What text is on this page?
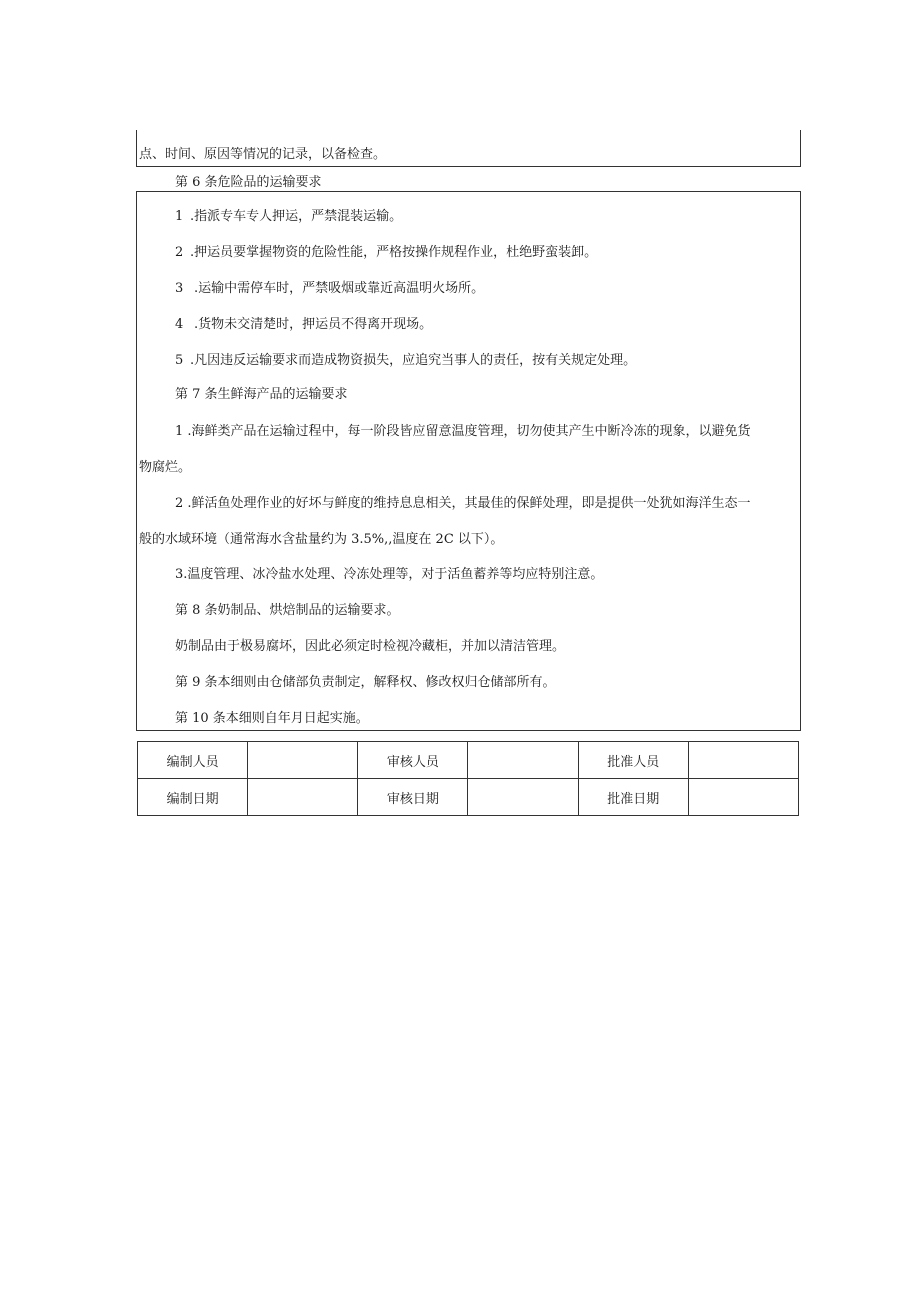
点、时间、原因等情况的记录，以备检查。
第 6 条危险品的运输要求
1 .指派专车专人押运，严禁混装运输。
2 .押运员要掌握物资的危险性能，严格按操作规程作业，杜绝野蛮装卸。
3 .运输中需停车时，严禁吸烟或靠近高温明火场所。
4 .货物未交清楚时，押运员不得离开现场。
5 .凡因违反运输要求而造成物资损失，应追究当事人的责任，按有关规定处理。
第 7 条生鲜海产品的运输要求
1 .海鲜类产品在运输过程中，每一阶段皆应留意温度管理，切勿使其产生中断冷冻的现象，以避免货
物腐烂。
2 .鲜活鱼处理作业的好坏与鲜度的维持息息相关，其最佳的保鲜处理，即是提供一处犹如海洋生态一
般的水域环境（通常海水含盐量约为 3.5%,,温度在 2C 以下）。
3.温度管理、冰冷盐水处理、冷冻处理等，对于活鱼蓄养等均应特别注意。
第 8 条奶制品、烘焙制品的运输要求。
奶制品由于极易腐坏，因此必须定时检视冷藏柜，并加以清洁管理。
第 9 条本细则由仓储部负责制定，解释权、修改权归仓储部所有。
第 10 条本细则自年月日起实施。
编制人员		审核人员		批准人员	
编制日期		审核日期		批准日期	
